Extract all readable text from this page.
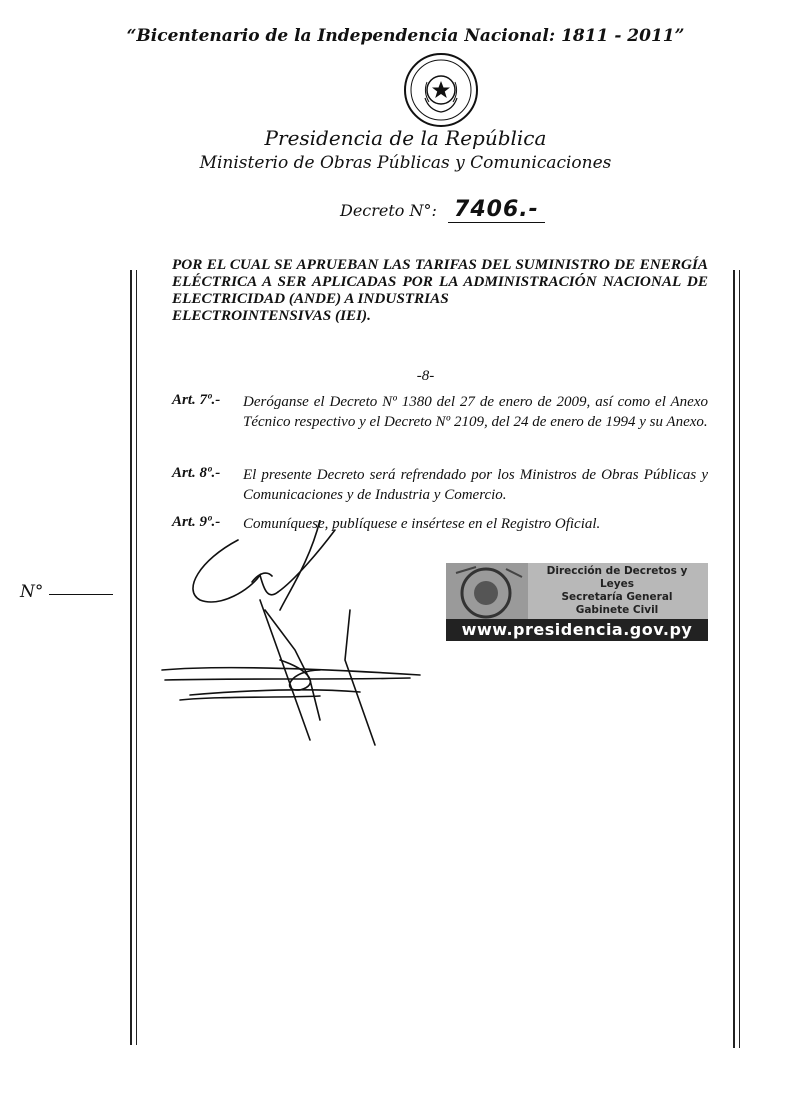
“Bicentenario de la Independencia Nacional: 1811 - 2011”
Presidencia de la República
Ministerio de Obras Públicas y Comunicaciones
Decreto N°: 7406.-
POR EL CUAL SE APRUEBAN LAS TARIFAS DEL SUMINISTRO DE ENERGÍA ELÉCTRICA A SER APLICADAS POR LA ADMINISTRACIÓN NACIONAL DE ELECTRICIDAD (ANDE) A INDUSTRIAS
ELECTROINTENSIVAS (IEI).
-8-
Art. 7º.-	Deróganse el Decreto Nº 1380 del 27 de enero de 2009, así como el Anexo Técnico respectivo y el Decreto Nº 2109, del 24 de enero de 1994 y su Anexo.
Art. 8º.-	El presente Decreto será refrendado por los Ministros de Obras Públicas y Comunicaciones y de Industria y Comercio.
Art. 9º.-	Comuníquese, publíquese e insértese en el Registro Oficial.
N°
Dirección de Decretos y Leyes
Secretaría General
Gabinete Civil
www.presidencia.gov.py
